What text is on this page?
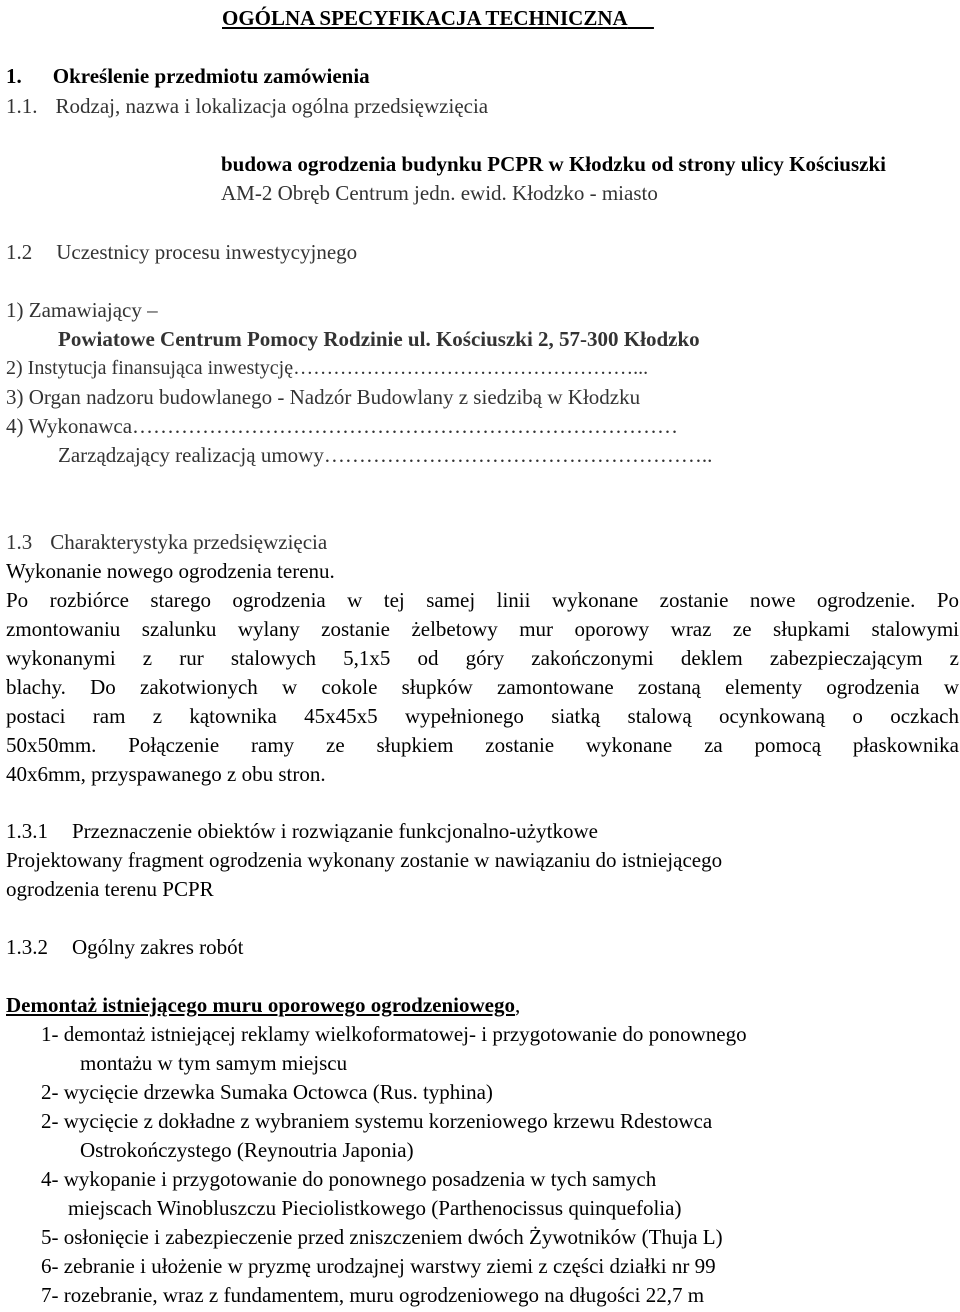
OGÓLNA SPECYFIKACJA TECHNICZNA
1. Określenie przedmiotu zamówienia
1.1. Rodzaj, nazwa i lokalizacja ogólna przedsięwzięcia
budowa ogrodzenia budynku PCPR w Kłodzku od strony ulicy Kościuszki
AM-2 Obręb Centrum jedn. ewid. Kłodzko - miasto
1.2 Uczestnicy procesu inwestycyjnego
1) Zamawiający –
Powiatowe Centrum Pomocy Rodzinie ul. Kościuszki 2, 57-300 Kłodzko
2) Instytucja finansująca inwestycję……………………………………………...
3) Organ nadzoru budowlanego - Nadzór Budowlany z siedzibą w Kłodzku
4) Wykonawca……………………………………………………………………
Zarządzający realizacją umowy………………………………………………..
1.3 Charakterystyka przedsięwzięcia
Wykonanie nowego ogrodzenia terenu.
Po rozbiórce starego ogrodzenia w tej samej linii wykonane zostanie nowe ogrodzenie. Po
zmontowaniu szalunku wylany zostanie żelbetowy mur oporowy wraz ze słupkami stalowymi
wykonanymi z rur stalowych 5,1x5 od góry zakończonymi deklem zabezpieczającym z
blachy. Do zakotwionych w cokole słupków zamontowane zostaną elementy ogrodzenia w
postaci ram z kątownika 45x45x5 wypełnionego siatką stalową ocynkowaną o oczkach
50x50mm. Połączenie ramy ze słupkiem zostanie wykonane za pomocą płaskownika
40x6mm, przyspawanego z obu stron.
1.3.1 Przeznaczenie obiektów i rozwiązanie funkcjonalno-użytkowe
Projektowany fragment ogrodzenia wykonany zostanie w nawiązaniu do istniejącego
ogrodzenia terenu PCPR
1.3.2 Ogólny zakres robót
Demontaż istniejącego muru oporowego ogrodzeniowego,
1- demontaż istniejącej reklamy wielkoformatowej- i przygotowanie do ponownego
montażu w tym samym miejscu
2- wycięcie drzewka Sumaka Octowca (Rus. typhina)
2- wycięcie z dokładne z wybraniem systemu korzeniowego krzewu Rdestowca
Ostrokończystego (Reynoutria Japonia)
4- wykopanie i przygotowanie do ponownego posadzenia w tych samych
miejscach Winobluszczu Pieciolistkowego (Parthenocissus quinquefolia)
5- osłonięcie i zabezpieczenie przed zniszczeniem dwóch Żywotników (Thuja L)
6- zebranie i ułożenie w pryzmę urodzajnej warstwy ziemi z części działki nr 99
7- rozebranie, wraz z fundamentem, muru ogrodzeniowego na długości 22,7 m
